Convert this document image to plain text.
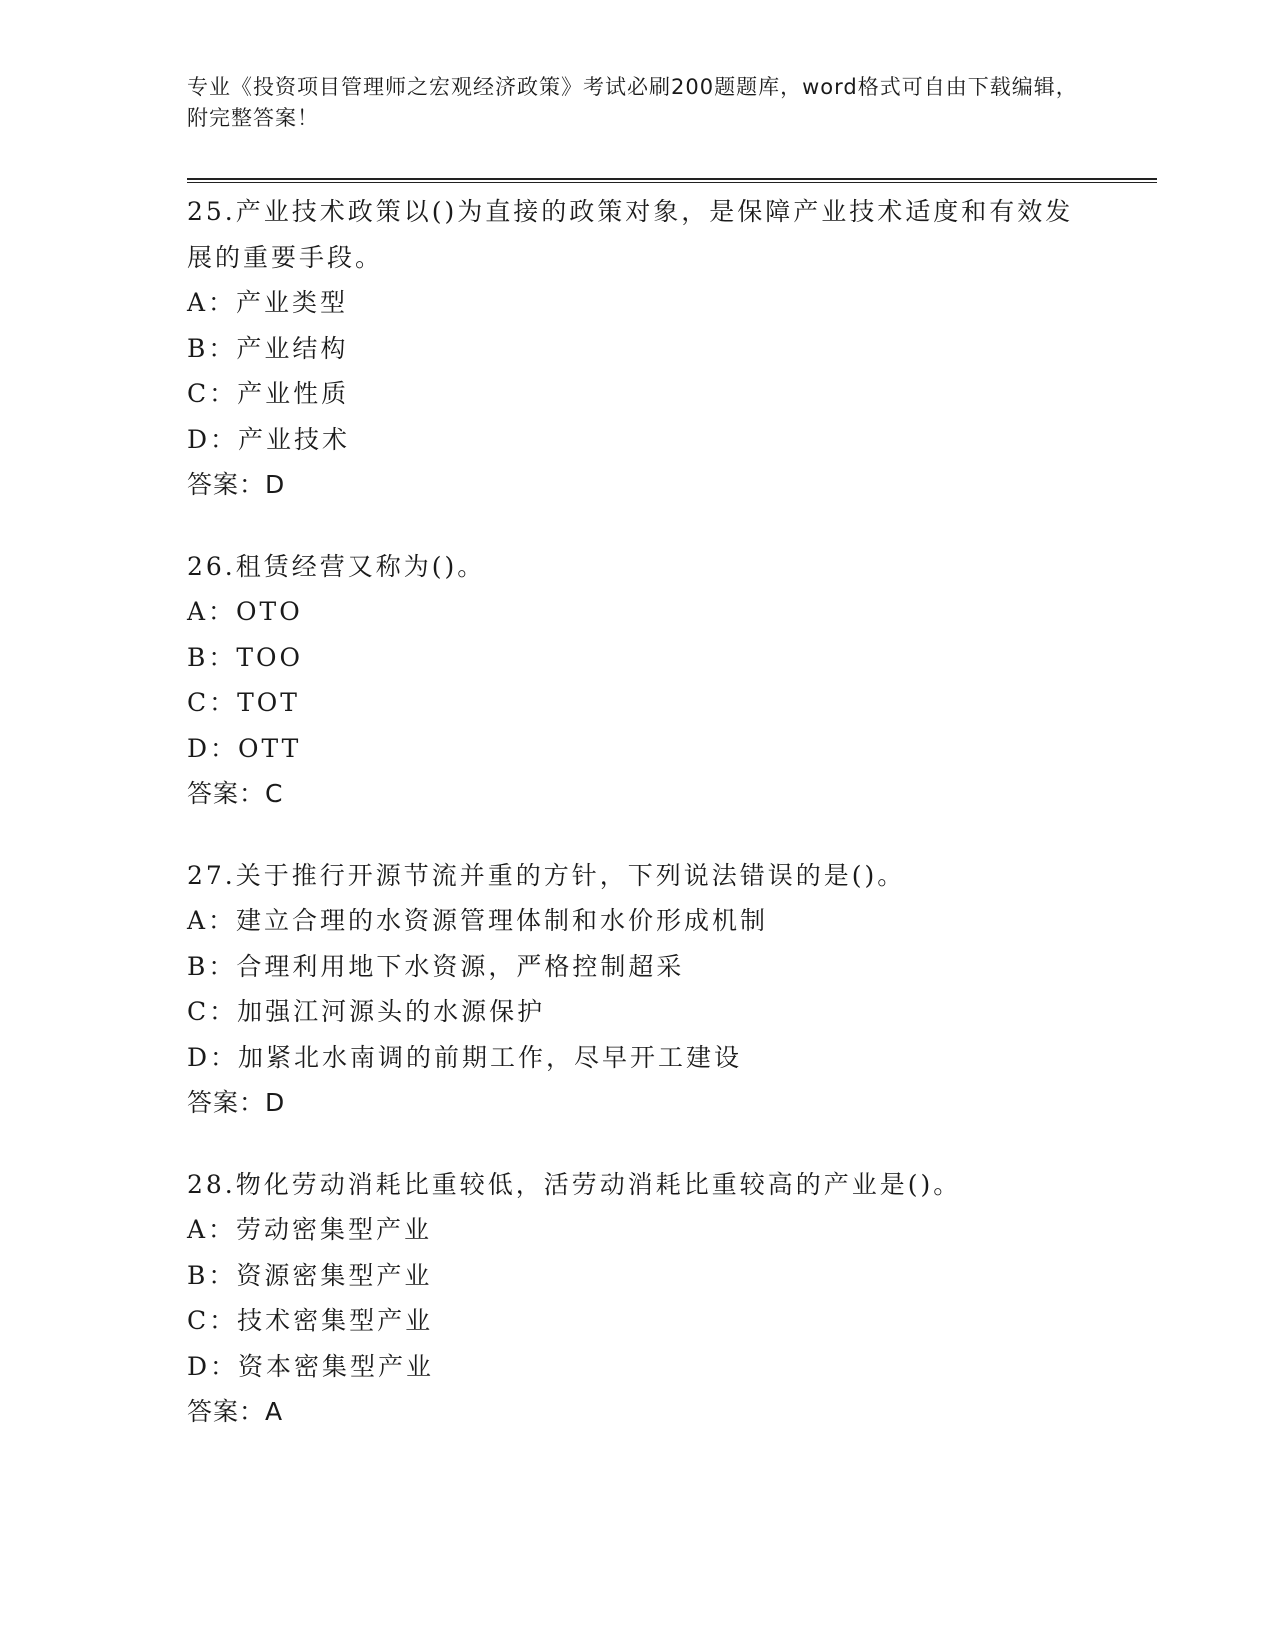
专业《投资项目管理师之宏观经济政策》考试必刷200题题库，word格式可自由下载编辑，附完整答案！

25.产业技术政策以()为直接的政策对象，是保障产业技术适度和有效发展的重要手段。

A：产业类型

B：产业结构

C：产业性质

D：产业技术

答案：D

26.租赁经营又称为()。

A：OTO

B：TOO

C：TOT

D：OTT

答案：C

27.关于推行开源节流并重的方针，下列说法错误的是()。

A：建立合理的水资源管理体制和水价形成机制

B：合理利用地下水资源，严格控制超采

C：加强江河源头的水源保护

D：加紧北水南调的前期工作，尽早开工建设

答案：D

28.物化劳动消耗比重较低，活劳动消耗比重较高的产业是()。

A：劳动密集型产业

B：资源密集型产业

C：技术密集型产业

D：资本密集型产业

答案：A
